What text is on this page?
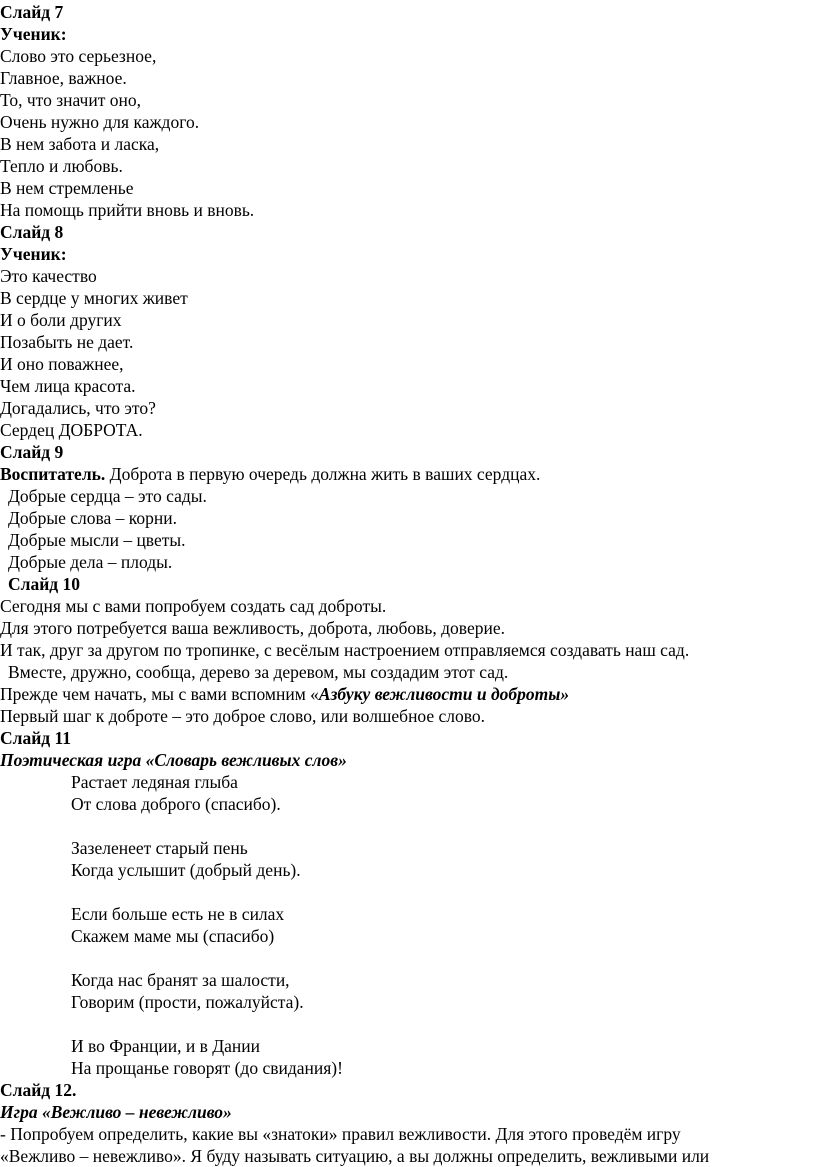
Слайд 7
Ученик:
Слово это серьезное,
Главное, важное.
То, что значит оно,
Очень нужно для каждого.
В нем забота и ласка,
Тепло и любовь.
В нем стремленье
На помощь прийти вновь и вновь.
Слайд 8
Ученик:
Это качество
В сердце у многих живет
И о боли других
Позабыть не дает.
И оно поважнее,
Чем лица красота.
Догадались, что это?
Сердец ДОБРОТА.
Слайд 9
Воспитатель. Доброта в первую очередь должна жить в ваших сердцах.
Добрые сердца – это сады.
Добрые слова – корни.
Добрые мысли – цветы.
Добрые дела – плоды.
Слайд 10
Сегодня мы с вами попробуем создать сад доброты.
Для этого потребуется ваша вежливость, доброта, любовь, доверие.
И так, друг за другом по тропинке, с весёлым настроением отправляемся создавать наш сад.
Вместе, дружно, сообща, дерево за деревом, мы создадим этот сад.
Прежде чем начать, мы с вами вспомним «Азбуку вежливости и доброты»
Первый шаг к доброте – это доброе слово, или волшебное слово.
Слайд 11
Поэтическая игра «Словарь вежливых слов»
Растает ледяная глыба
От слова доброго (спасибо).
Зазеленеет старый пень
Когда услышит (добрый день).
Если больше есть не в силах
Скажем маме мы (спасибо)
Когда нас бранят за шалости,
Говорим (прости, пожалуйста).
И во Франции, и в Дании
На прощанье говорят (до свидания)!
Слайд 12.
Игра «Вежливо – невежливо»
- Попробуем определить, какие вы «знатоки» правил вежливости. Для этого проведём игру
«Вежливо – невежливо». Я буду называть ситуацию, а вы должны определить, вежливыми или
